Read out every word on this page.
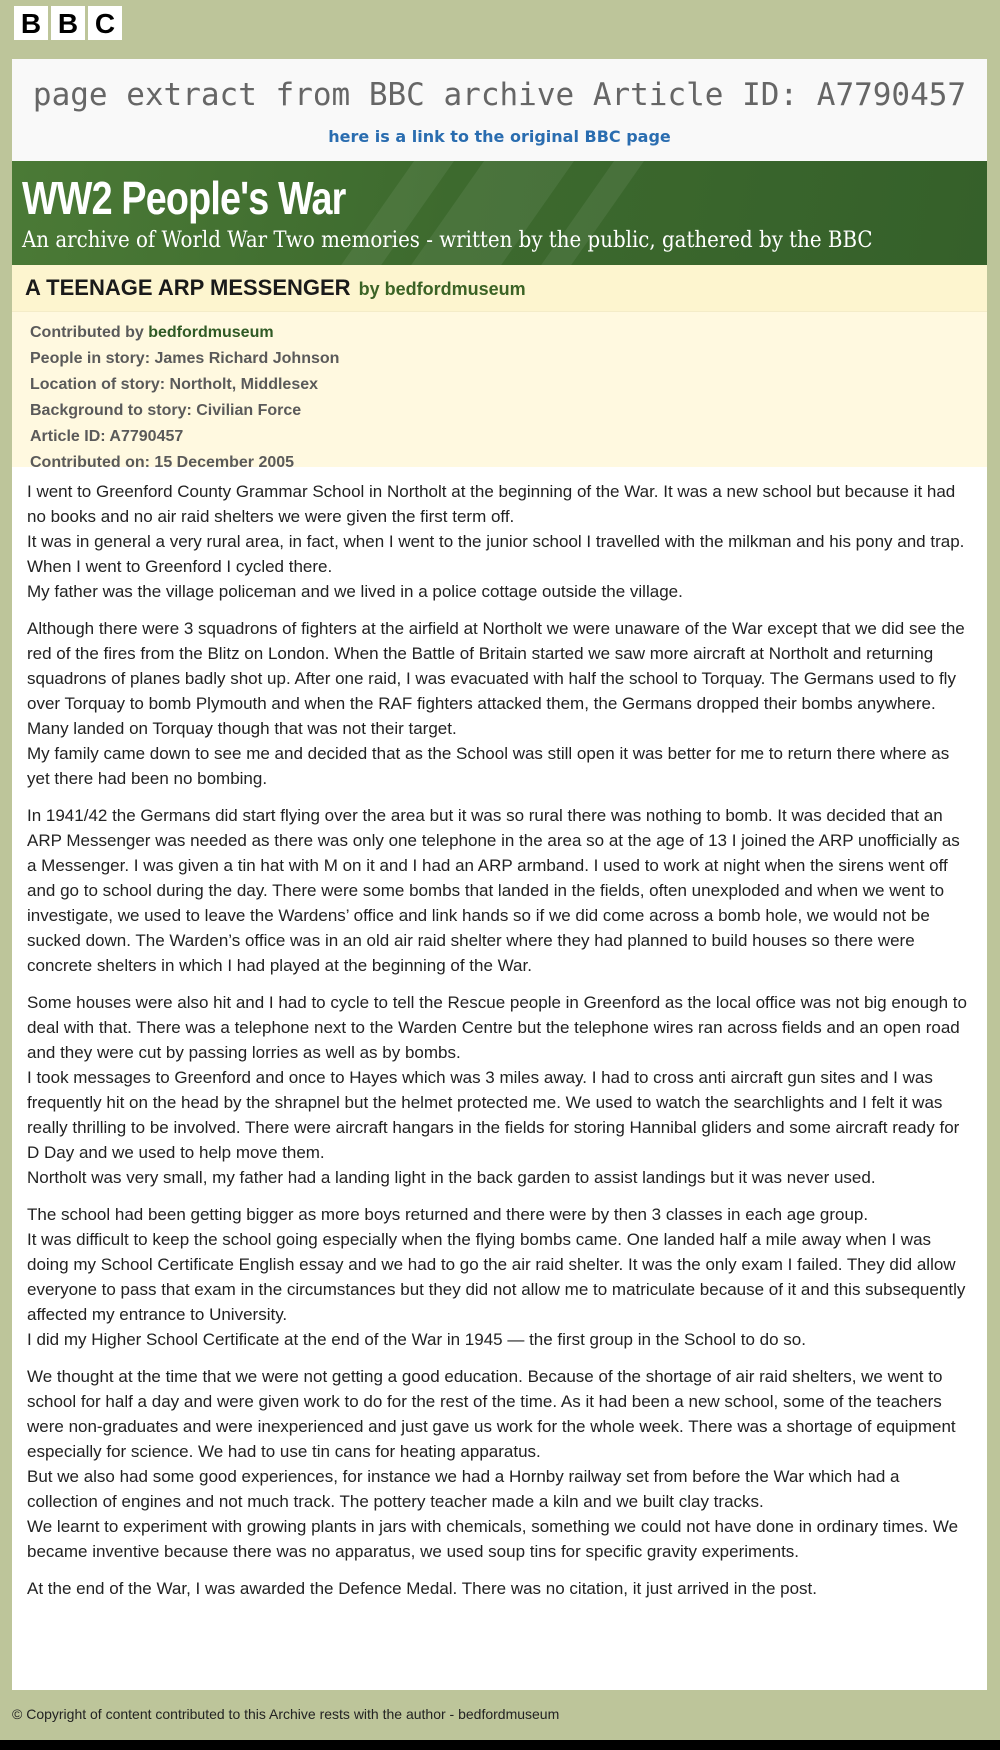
B B C
page extract from BBC archive Article ID: A7790457
here is a link to the original BBC page
WW2 People's War
An archive of World War Two memories - written by the public, gathered by the BBC
A TEENAGE ARP MESSENGER by bedfordmuseum
Contributed by bedfordmuseum
People in story: James Richard Johnson
Location of story: Northolt, Middlesex
Background to story: Civilian Force
Article ID: A7790457
Contributed on: 15 December 2005

I went to Greenford County Grammar School in Northolt at the beginning of the War. It was a new school but because it had no books and no air raid shelters we were given the first term off.
It was in general a very rural area, in fact, when I went to the junior school I travelled with the milkman and his pony and trap. When I went to Greenford I cycled there.
My father was the village policeman and we lived in a police cottage outside the village.

Although there were 3 squadrons of fighters at the airfield at Northolt we were unaware of the War except that we did see the red of the fires from the Blitz on London. When the Battle of Britain started we saw more aircraft at Northolt and returning squadrons of planes badly shot up. After one raid, I was evacuated with half the school to Torquay. The Germans used to fly over Torquay to bomb Plymouth and when the RAF fighters attacked them, the Germans dropped their bombs anywhere. Many landed on Torquay though that was not their target.
My family came down to see me and decided that as the School was still open it was better for me to return there where as yet there had been no bombing.

In 1941/42 the Germans did start flying over the area but it was so rural there was nothing to bomb. It was decided that an ARP Messenger was needed as there was only one telephone in the area so at the age of 13 I joined the ARP unofficially as a Messenger. I was given a tin hat with M on it and I had an ARP armband. I used to work at night when the sirens went off and go to school during the day. There were some bombs that landed in the fields, often unexploded and when we went to investigate, we used to leave the Wardens’ office and link hands so if we did come across a bomb hole, we would not be sucked down. The Warden’s office was in an old air raid shelter where they had planned to build houses so there were concrete shelters in which I had played at the beginning of the War.

Some houses were also hit and I had to cycle to tell the Rescue people in Greenford as the local office was not big enough to deal with that. There was a telephone next to the Warden Centre but the telephone wires ran across fields and an open road and they were cut by passing lorries as well as by bombs.
I took messages to Greenford and once to Hayes which was 3 miles away. I had to cross anti aircraft gun sites and I was frequently hit on the head by the shrapnel but the helmet protected me. We used to watch the searchlights and I felt it was really thrilling to be involved. There were aircraft hangars in the fields for storing Hannibal gliders and some aircraft ready for D Day and we used to help move them.
Northolt was very small, my father had a landing light in the back garden to assist landings but it was never used.

The school had been getting bigger as more boys returned and there were by then 3 classes in each age group.
It was difficult to keep the school going especially when the flying bombs came. One landed half a mile away when I was doing my School Certificate English essay and we had to go the air raid shelter. It was the only exam I failed. They did allow everyone to pass that exam in the circumstances but they did not allow me to matriculate because of it and this subsequently affected my entrance to University.
I did my Higher School Certificate at the end of the War in 1945 — the first group in the School to do so.

We thought at the time that we were not getting a good education. Because of the shortage of air raid shelters, we went to school for half a day and were given work to do for the rest of the time. As it had been a new school, some of the teachers were non-graduates and were inexperienced and just gave us work for the whole week. There was a shortage of equipment especially for science. We had to use tin cans for heating apparatus.
But we also had some good experiences, for instance we had a Hornby railway set from before the War which had a collection of engines and not much track. The pottery teacher made a kiln and we built clay tracks.
We learnt to experiment with growing plants in jars with chemicals, something we could not have done in ordinary times. We became inventive because there was no apparatus, we used soup tins for specific gravity experiments.

At the end of the War, I was awarded the Defence Medal. There was no citation, it just arrived in the post.

© Copyright of content contributed to this Archive rests with the author - bedfordmuseum
